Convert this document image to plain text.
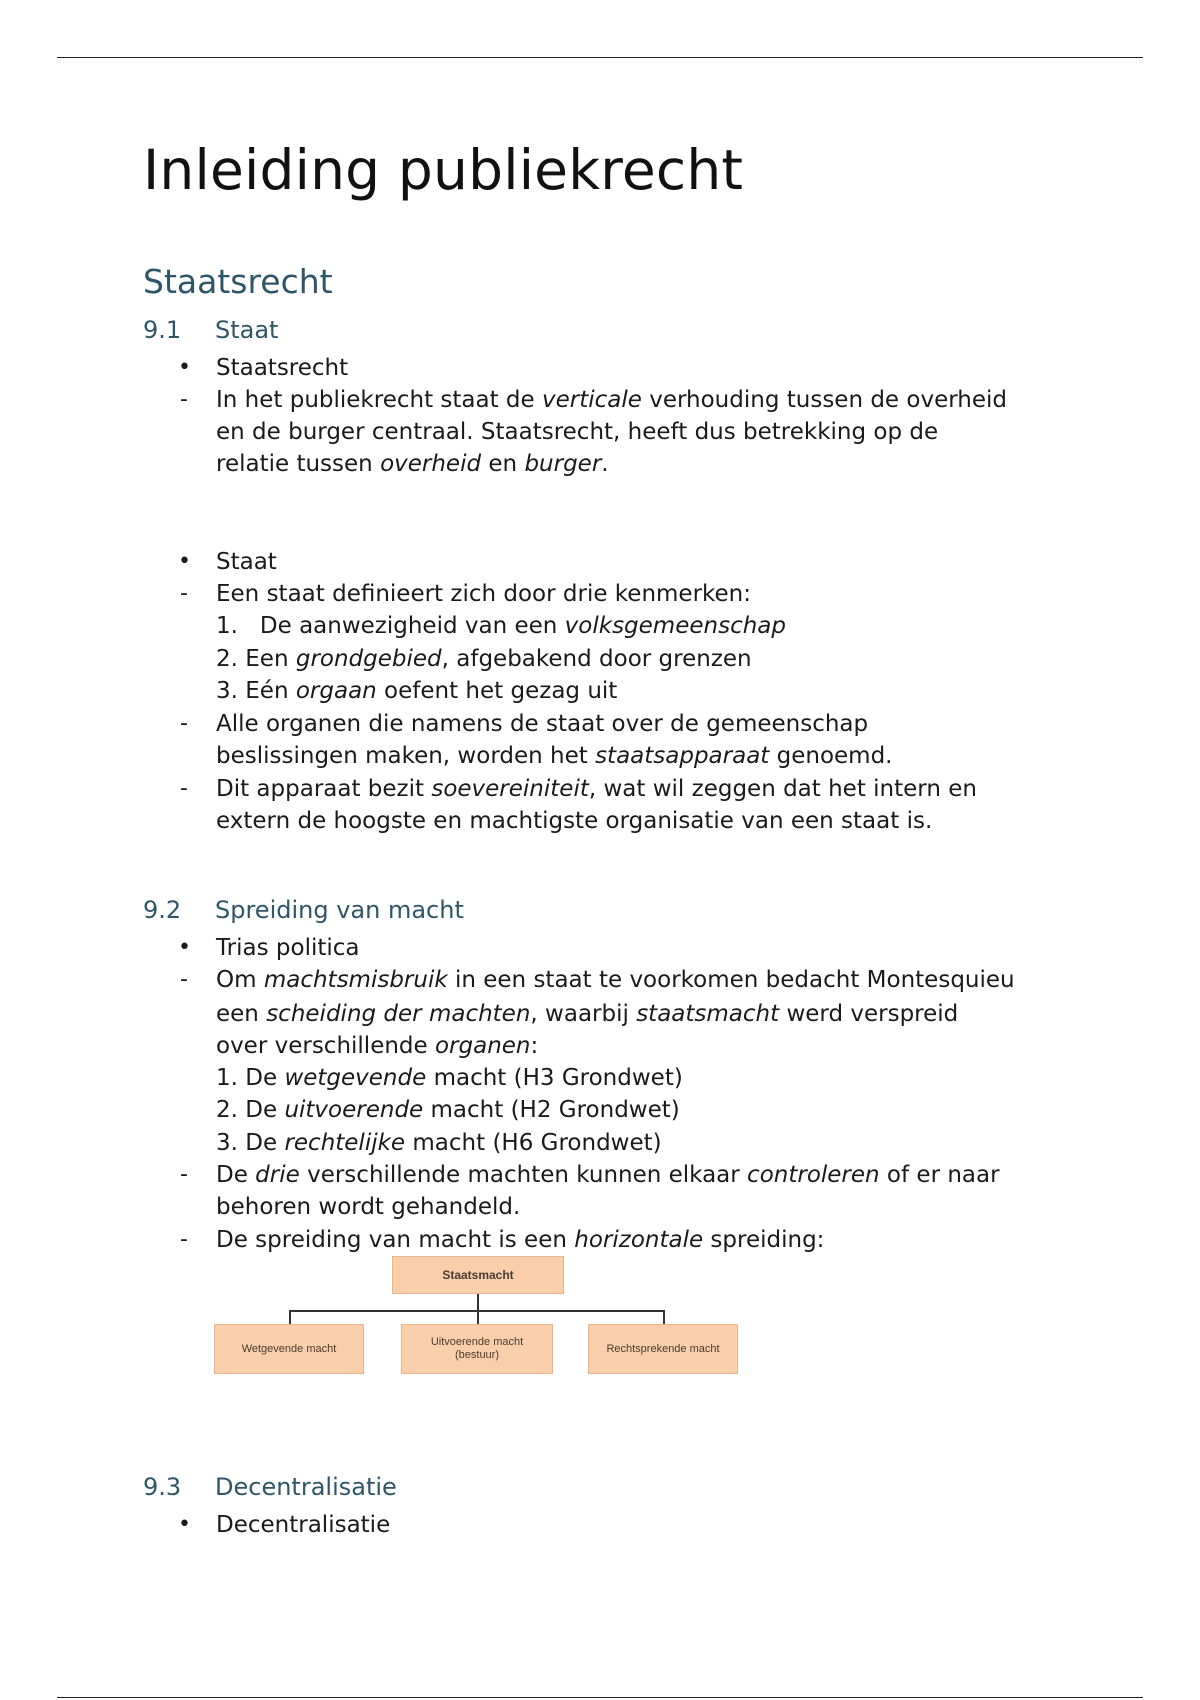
Inleiding publiekrecht
Staatsrecht
9.1 Staat
• Staatsrecht
- In het publiekrecht staat de verticale verhouding tussen de overheid
en de burger centraal. Staatsrecht, heeft dus betrekking op de
relatie tussen overheid en burger.
• Staat
- Een staat definieert zich door drie kenmerken:
1. De aanwezigheid van een volksgemeenschap
2. Een grondgebied, afgebakend door grenzen
3. Eén orgaan oefent het gezag uit
- Alle organen die namens de staat over de gemeenschap
beslissingen maken, worden het staatsapparaat genoemd.
- Dit apparaat bezit soevereiniteit, wat wil zeggen dat het intern en
extern de hoogste en machtigste organisatie van een staat is.
9.2 Spreiding van macht
• Trias politica
- Om machtsmisbruik in een staat te voorkomen bedacht Montesquieu
een scheiding der machten, waarbij staatsmacht werd verspreid
over verschillende organen:
1. De wetgevende macht (H3 Grondwet)
2. De uitvoerende macht (H2 Grondwet)
3. De rechtelijke macht (H6 Grondwet)
- De drie verschillende machten kunnen elkaar controleren of er naar
behoren wordt gehandeld.
- De spreiding van macht is een horizontale spreiding:
Staatsmacht
Wetgevende macht
Uitvoerende macht
(bestuur)	Rechtsprekende macht
9.3 Decentralisatie
• Decentralisatie
